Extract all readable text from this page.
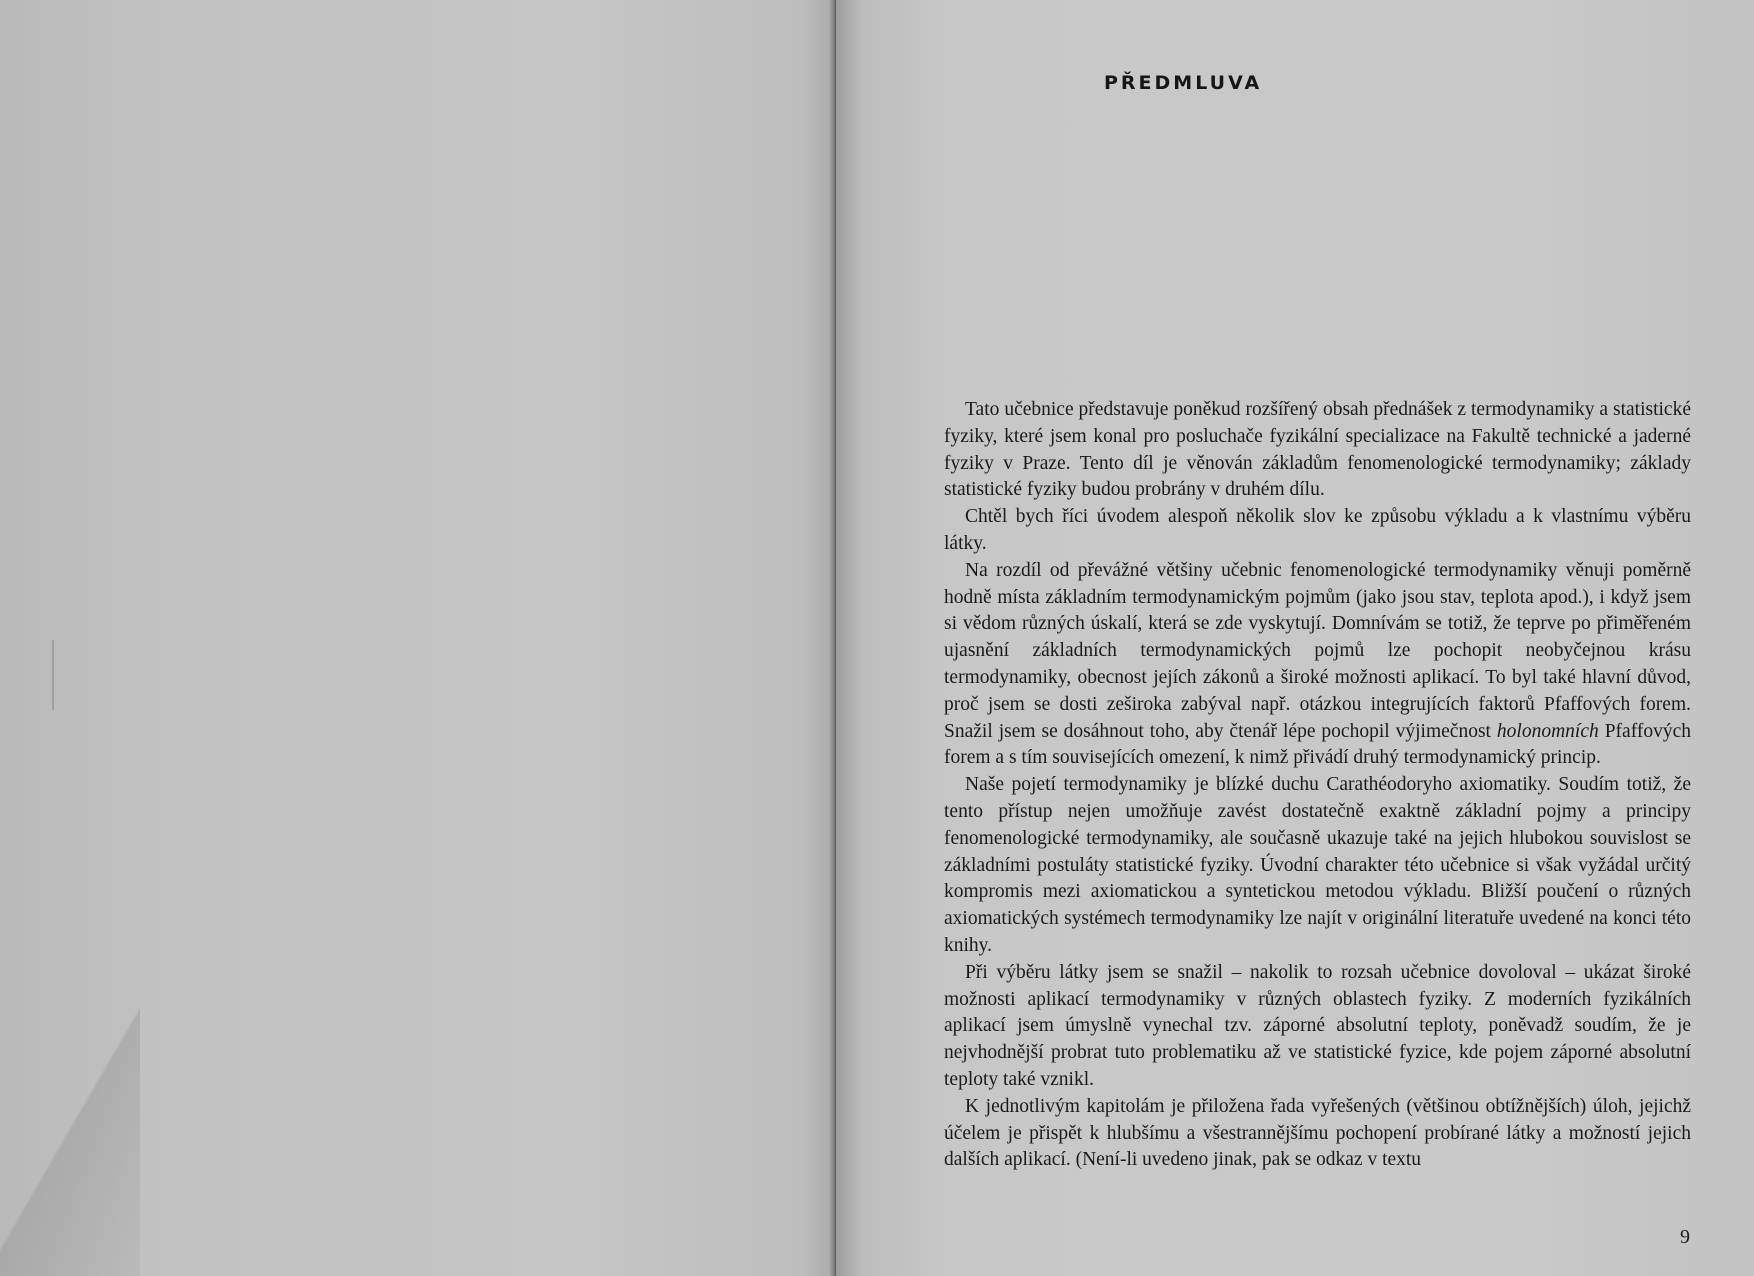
PŘEDMLUVA

Tato učebnice představuje poněkud rozšířený obsah přednášek z termodynamiky a statistické fyziky, které jsem konal pro posluchače fyzikální specializace na Fakultě technické a jaderné fyziky v Praze. Tento díl je věnován základům fenomenologické termodynamiky; základy statistické fyziky budou probrány v druhém dílu.

Chtěl bych říci úvodem alespoň několik slov ke způsobu výkladu a k vlastnímu výběru látky.

Na rozdíl od převážné většiny učebnic fenomenologické termodynamiky věnuji poměrně hodně místa základním termodynamickým pojmům (jako jsou stav, teplota apod.), i když jsem si vědom různých úskalí, která se zde vyskytují. Domnívám se totiž, že teprve po přiměřeném ujasnění základních termodynamických pojmů lze pochopit neobyčejnou krásu termodynamiky, obecnost jejích zákonů a široké možnosti aplikací. To byl také hlavní důvod, proč jsem se dosti zeširoka zabýval např. otázkou integrujících faktorů Pfaffových forem. Snažil jsem se dosáhnout toho, aby čtenář lépe pochopil výjimečnost holonomních Pfaffových forem a s tím souvisejících omezení, k nimž přivádí druhý termodynamický princip.

Naše pojetí termodynamiky je blízké duchu Carathéodoryho axiomatiky. Soudím totiž, že tento přístup nejen umožňuje zavést dostatečně exaktně základní pojmy a principy fenomenologické termodynamiky, ale současně ukazuje také na jejich hlubokou souvislost se základními postuláty statistické fyziky. Úvodní charakter této učebnice si však vyžádal určitý kompromis mezi axiomatickou a syntetickou metodou výkladu. Bližší poučení o různých axiomatických systémech termodynamiky lze najít v originální literatuře uvedené na konci této knihy.

Při výběru látky jsem se snažil – nakolik to rozsah učebnice dovoloval – ukázat široké možnosti aplikací termodynamiky v různých oblastech fyziky. Z moderních fyzikálních aplikací jsem úmyslně vynechal tzv. záporné absolutní teploty, poněvadž soudím, že je nejvhodnější probrat tuto problematiku až ve statistické fyzice, kde pojem záporné absolutní teploty také vznikl.

K jednotlivým kapitolám je přiložena řada vyřešených (většinou obtížnějších) úloh, jejichž účelem je přispět k hlubšímu a všestrannějšímu pochopení probírané látky a možností jejich dalších aplikací. (Není-li uvedeno jinak, pak se odkaz v textu

9
